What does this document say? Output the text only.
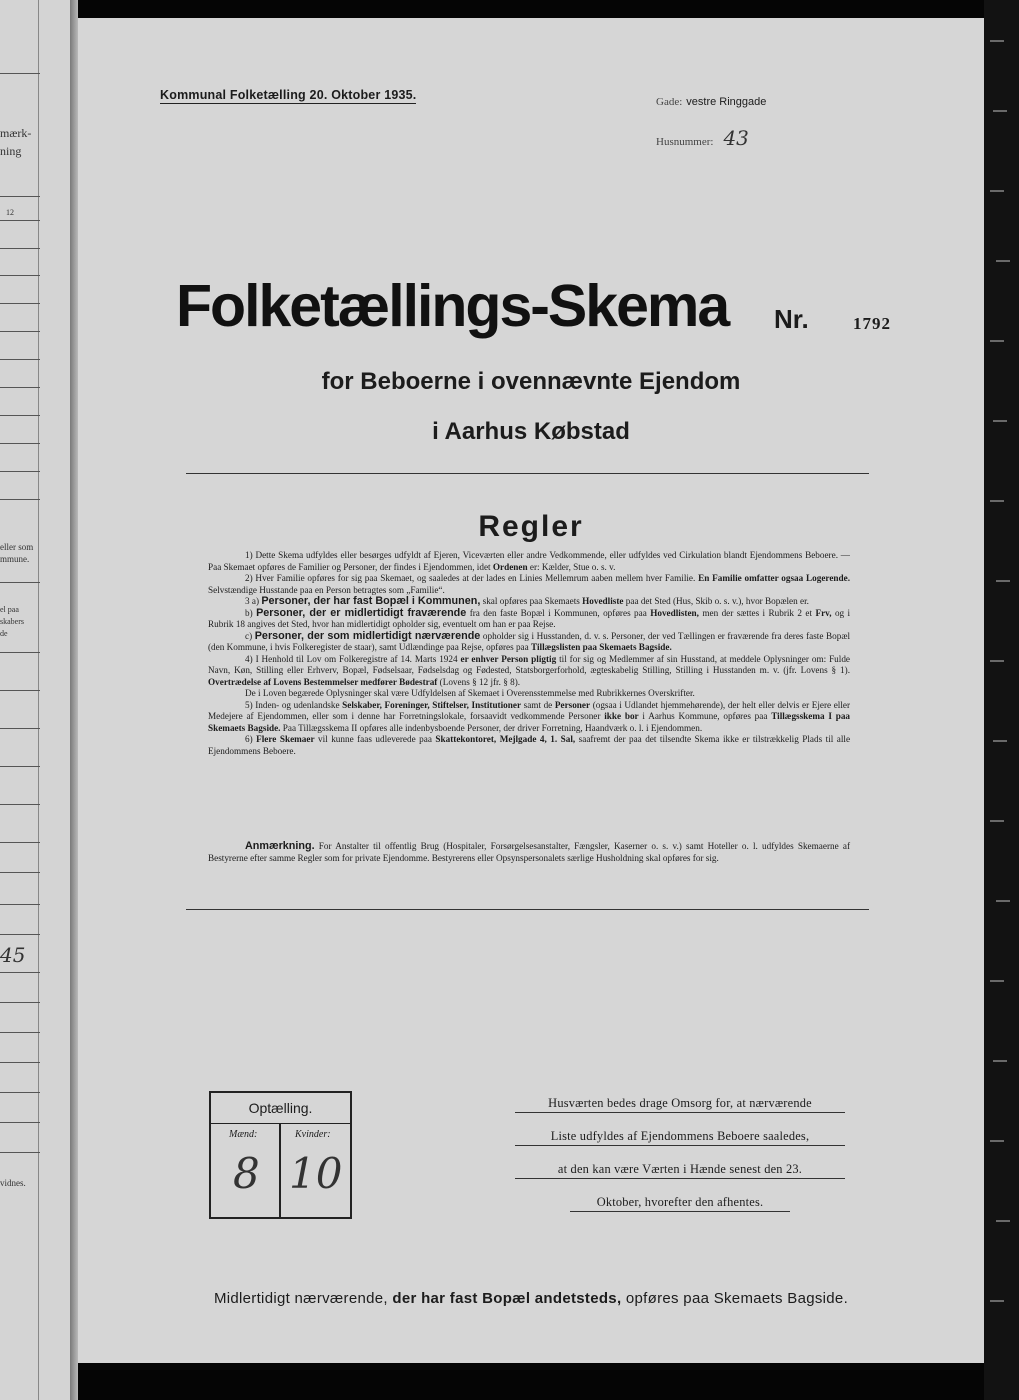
mærk-
ning
12
eller som
mmune.
el paa
skabers
de
45
vidnes.
Kommunal Folketælling 20. Oktober 1935.	Gade: vestre Ringgade
Husnummer: 43
Folketællings-Skema Nr.	1792
for Beboerne i ovennævnte Ejendom
i Aarhus Købstad
Regler

1) Dette Skema udfyldes eller besørges udfyldt af Ejeren, Viceværten eller andre Vedkommende, eller udfyldes ved Cirkulation blandt Ejendommens Beboere. — Paa Skemaet opføres de Familier og Personer, der findes i Ejendommen, idet Ordenen er: Kælder, Stue o. s. v.

2) Hver Familie opføres for sig paa Skemaet, og saaledes at der lades en Linies Mellemrum aaben mellem hver Familie. En Familie omfatter ogsaa Logerende. Selvstændige Husstande paa en Person betragtes som „Familie“.

3 a) Personer, der har fast Bopæl i Kommunen, skal opføres paa Skemaets Hovedliste paa det Sted (Hus, Skib o. s. v.), hvor Bopælen er.

b) Personer, der er midlertidigt fraværende fra den faste Bopæl i Kommunen, opføres paa Hovedlisten, men der sættes i Rubrik 2 et Frv, og i Rubrik 18 angives det Sted, hvor han midlertidigt opholder sig, eventuelt om han er paa Rejse.

c) Personer, der som midlertidigt nærværende opholder sig i Husstanden, d. v. s. Personer, der ved Tællingen er fraværende fra deres faste Bopæl (den Kommune, i hvis Folkeregister de staar), samt Udlændinge paa Rejse, opføres paa Tillægslisten paa Skemaets Bagside.

4) I Henhold til Lov om Folkeregistre af 14. Marts 1924 er enhver Person pligtig til for sig og Medlemmer af sin Husstand, at meddele Oplysninger om: Fulde Navn, Køn, Stilling eller Erhverv, Bopæl, Fødselsaar, Fødselsdag og Fødested, Statsborgerforhold, ægteskabelig Stilling, Stilling i Husstanden m. v. (jfr. Lovens § 1). Overtrædelse af Lovens Bestemmelser medfører Bødestraf (Lovens § 12 jfr. § 8).

De i Loven begærede Oplysninger skal være Udfyldelsen af Skemaet i Overensstemmelse med Rubrikkernes Overskrifter.

5) Inden- og udenlandske Selskaber, Foreninger, Stiftelser, Institutioner samt de Personer (ogsaa i Udlandet hjemmehørende), der helt eller delvis er Ejere eller Medejere af Ejendommen, eller som i denne har Forretningslokale, forsaavidt vedkommende Personer ikke bor i Aarhus Kommune, opføres paa Tillægsskema I paa Skemaets Bagside. Paa Tillægsskema II opføres alle indenbysboende Personer, der driver Forretning, Haandværk o. l. i Ejendommen.

6) Flere Skemaer vil kunne faas udleverede paa Skattekontoret, Mejlgade 4, 1. Sal, saafremt der paa det tilsendte Skema ikke er tilstrækkelig Plads til alle Ejendommens Beboere.

Anmærkning. For Anstalter til offentlig Brug (Hospitaler, Forsørgelsesanstalter, Fængsler, Kaserner o. s. v.) samt Hoteller o. l. udfyldes Skemaerne af Bestyrerne efter samme Regler som for private Ejendomme. Bestyrerens eller Opsynspersonalets særlige Husholdning skal opføres for sig.

Optælling.
Mænd:	Kvinder:
8 10
Husværten bedes drage Omsorg for, at nærværende
Liste udfyldes af Ejendommens Beboere saaledes,
at den kan være Værten i Hænde senest den 23.
Oktober, hvorefter den afhentes.
Midlertidigt nærværende, der har fast Bopæl andetsteds, opføres paa Skemaets Bagside.
